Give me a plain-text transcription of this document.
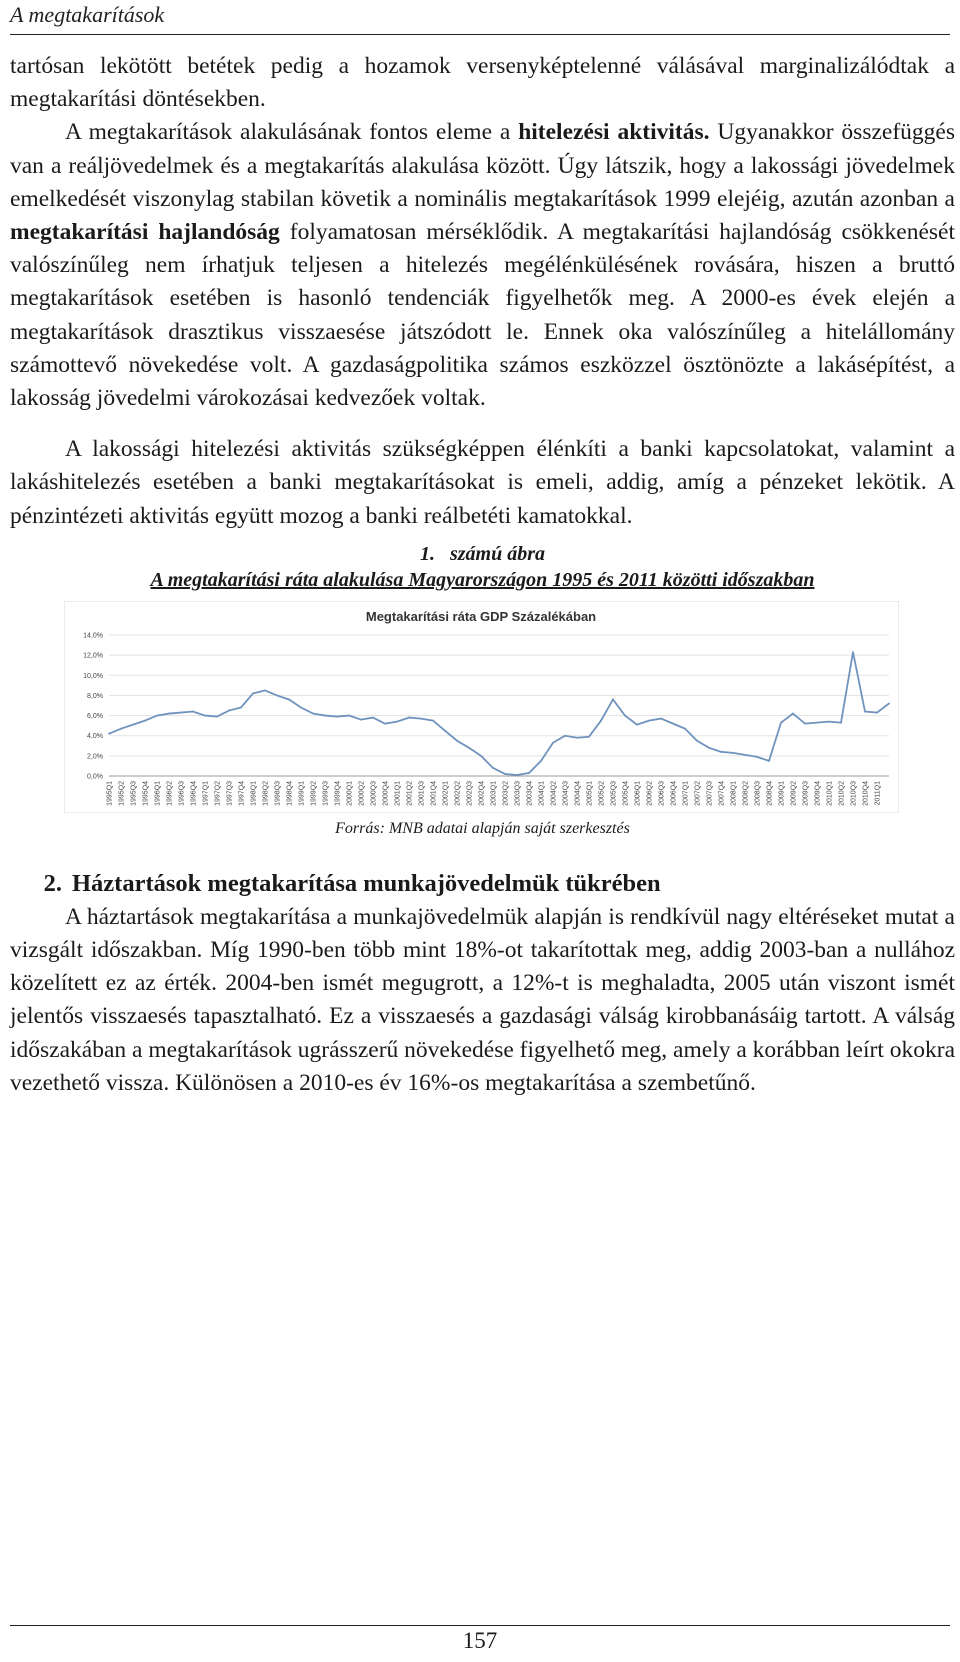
A megtakarítások

tartósan lekötött betétek pedig a hozamok versenyképtelenné válásával marginalizálódtak a megtakarítási döntésekben.

A megtakarítások alakulásának fontos eleme a hitelezési aktivitás. Ugyanakkor összefüggés van a reáljövedelmek és a megtakarítás alakulása között. Úgy látszik, hogy a lakossági jövedelmek emelkedését viszonylag stabilan követik a nominális megtakarítások 1999 elejéig, azután azonban a megtakarítási hajlandóság folyamatosan mérséklődik. A megtakarítási hajlandóság csökkenését valószínűleg nem írhatjuk teljesen a hitelezés megélénkülésének rovására, hiszen a bruttó megtakarítások esetében is hasonló tendenciák figyelhetők meg. A 2000-es évek elején a megtakarítások drasztikus visszaesése játszódott le. Ennek oka valószínűleg a hitelállomány számottevő növekedése volt. A gazdaságpolitika számos eszközzel ösztönözte a lakásépítést, a lakosság jövedelmi várokozásai kedvezőek voltak.

A lakossági hitelezési aktivitás szükségképpen élénkíti a banki kapcsolatokat, valamint a lakáshitelezés esetében a banki megtakarításokat is emeli, addig, amíg a pénzeket lekötik. A pénzintézeti aktivitás együtt mozog a banki reálbetéti kamatokkal.

1. számú ábra

A megtakarítási ráta alakulása Magyarországon 1995 és 2011 közötti időszakban

Megtakarítási ráta GDP Százalékában
0,0%
2,0%
4,0%
6,0%
8,0%
10,0%
12,0%
14,0%
1995Q1 1995Q2 1995Q3 1995Q4 1996Q1 1996Q2 1996Q3 1996Q4 1997Q1 1997Q2 1997Q3 1997Q4 1998Q1 1998Q2 1998Q3 1998Q4 1999Q1 1999Q2 1999Q3 1999Q4 2000Q1 2000Q2 2000Q3 2000Q4 2001Q1 2001Q2 2001Q3 2001Q4 2002Q1 2002Q2 2002Q3 2002Q4 2003Q1 2003Q2 2003Q3 2003Q4 2004Q1 2004Q2 2004Q3 2004Q4 2005Q1 2005Q2 2005Q3 2005Q4 2006Q1 2006Q2 2006Q3 2006Q4 2007Q1 2007Q2 2007Q3 2007Q4 2008Q1 2008Q2 2008Q3 2008Q4 2009Q1 2009Q2 2009Q3 2009Q4 2010Q1 2010Q2 2010Q3 2010Q4 2011Q1

Forrás: MNB adatai alapján saját szerkesztés

2. Háztartások megtakarítása munkajövedelmük tükrében

A háztartások megtakarítása a munkajövedelmük alapján is rendkívül nagy eltéréseket mutat a vizsgált időszakban. Míg 1990-ben több mint 18%-ot takarítottak meg, addig 2003-ban a nullához közelített ez az érték. 2004-ben ismét megugrott, a 12%-t is meghaladta, 2005 után viszont ismét jelentős visszaesés tapasztalható. Ez a visszaesés a gazdasági válság kirobbanásáig tartott. A válság időszakában a megtakarítások ugrásszerű növekedése figyelhető meg, amely a korábban leírt okokra vezethető vissza. Különösen a 2010-es év 16%-os megtakarítása a szembetűnő.

157
